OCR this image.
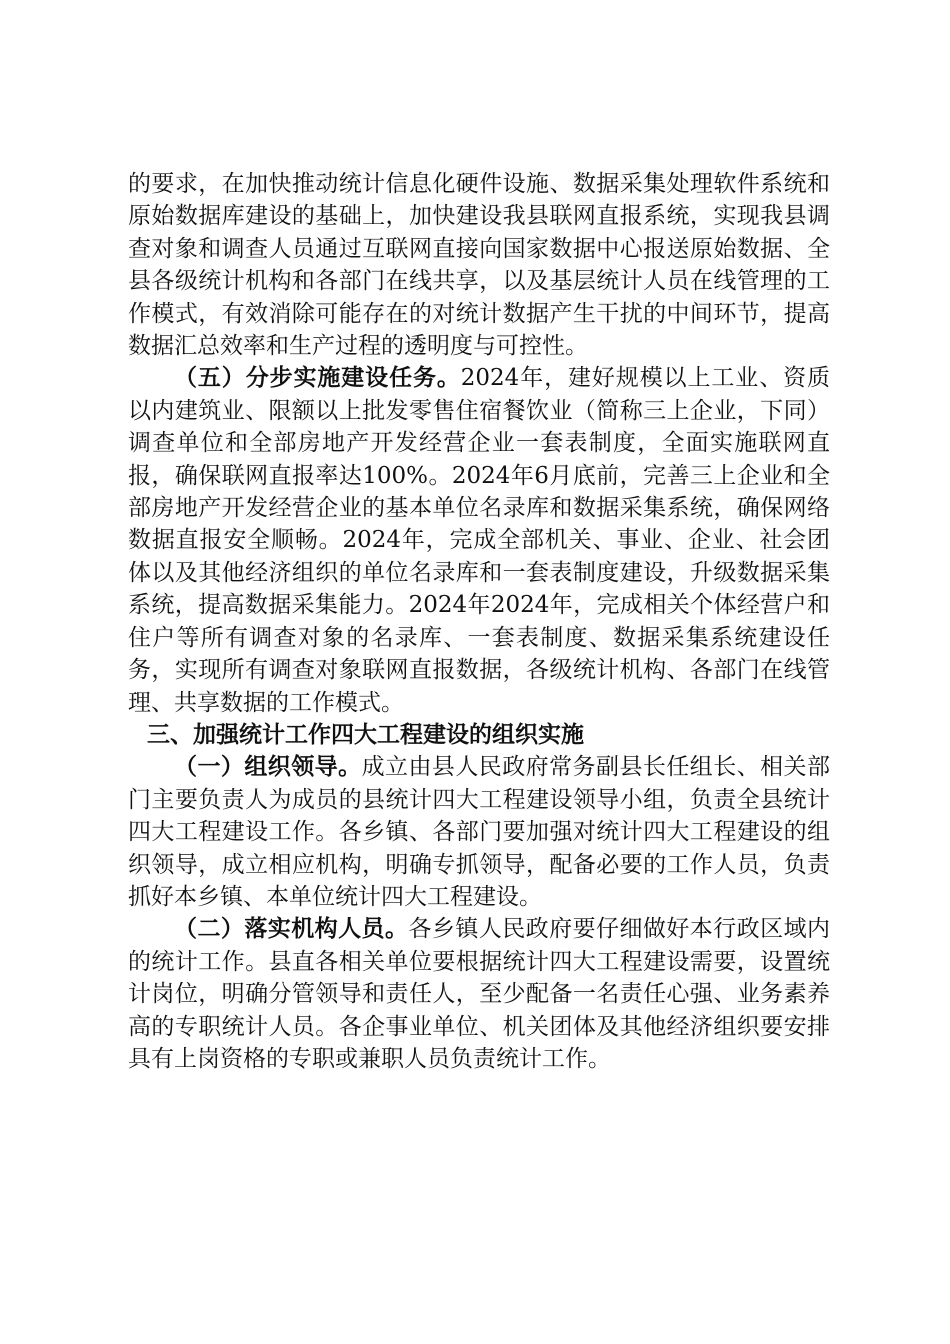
的要求，在加快推动统计信息化硬件设施、数据采集处理软件系统和原始数据库建设的基础上，加快建设我县联网直报系统，实现我县调查对象和调查人员通过互联网直接向国家数据中心报送原始数据、全县各级统计机构和各部门在线共享，以及基层统计人员在线管理的工作模式，有效消除可能存在的对统计数据产生干扰的中间环节，提高数据汇总效率和生产过程的透明度与可控性。

（五）分步实施建设任务。2024年，建好规模以上工业、资质以内建筑业、限额以上批发零售住宿餐饮业（简称三上企业，下同）调查单位和全部房地产开发经营企业一套表制度，全面实施联网直报，确保联网直报率达100%。2024年6月底前，完善三上企业和全部房地产开发经营企业的基本单位名录库和数据采集系统，确保网络数据直报安全顺畅。2024年，完成全部机关、事业、企业、社会团体以及其他经济组织的单位名录库和一套表制度建设，升级数据采集系统，提高数据采集能力。2024年2024年，完成相关个体经营户和住户等所有调查对象的名录库、一套表制度、数据采集系统建设任务，实现所有调查对象联网直报数据，各级统计机构、各部门在线管理、共享数据的工作模式。

三、加强统计工作四大工程建设的组织实施

（一）组织领导。成立由县人民政府常务副县长任组长、相关部门主要负责人为成员的县统计四大工程建设领导小组，负责全县统计四大工程建设工作。各乡镇、各部门要加强对统计四大工程建设的组织领导，成立相应机构，明确专抓领导，配备必要的工作人员，负责抓好本乡镇、本单位统计四大工程建设。

（二）落实机构人员。各乡镇人民政府要仔细做好本行政区域内的统计工作。县直各相关单位要根据统计四大工程建设需要，设置统计岗位，明确分管领导和责任人，至少配备一名责任心强、业务素养高的专职统计人员。各企事业单位、机关团体及其他经济组织要安排具有上岗资格的专职或兼职人员负责统计工作。
